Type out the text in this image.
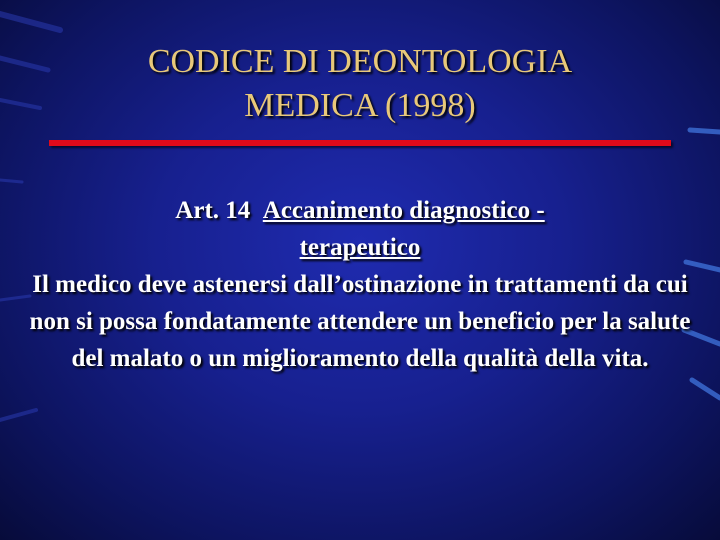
CODICE DI DEONTOLOGIA
MEDICA (1998)
Art. 14 Accanimento diagnostico -
terapeutico
Il medico deve astenersi dall’ostinazione in trattamenti da cui non si possa fondatamente attendere un beneficio per la salute del malato o un miglioramento della qualità della vita.
